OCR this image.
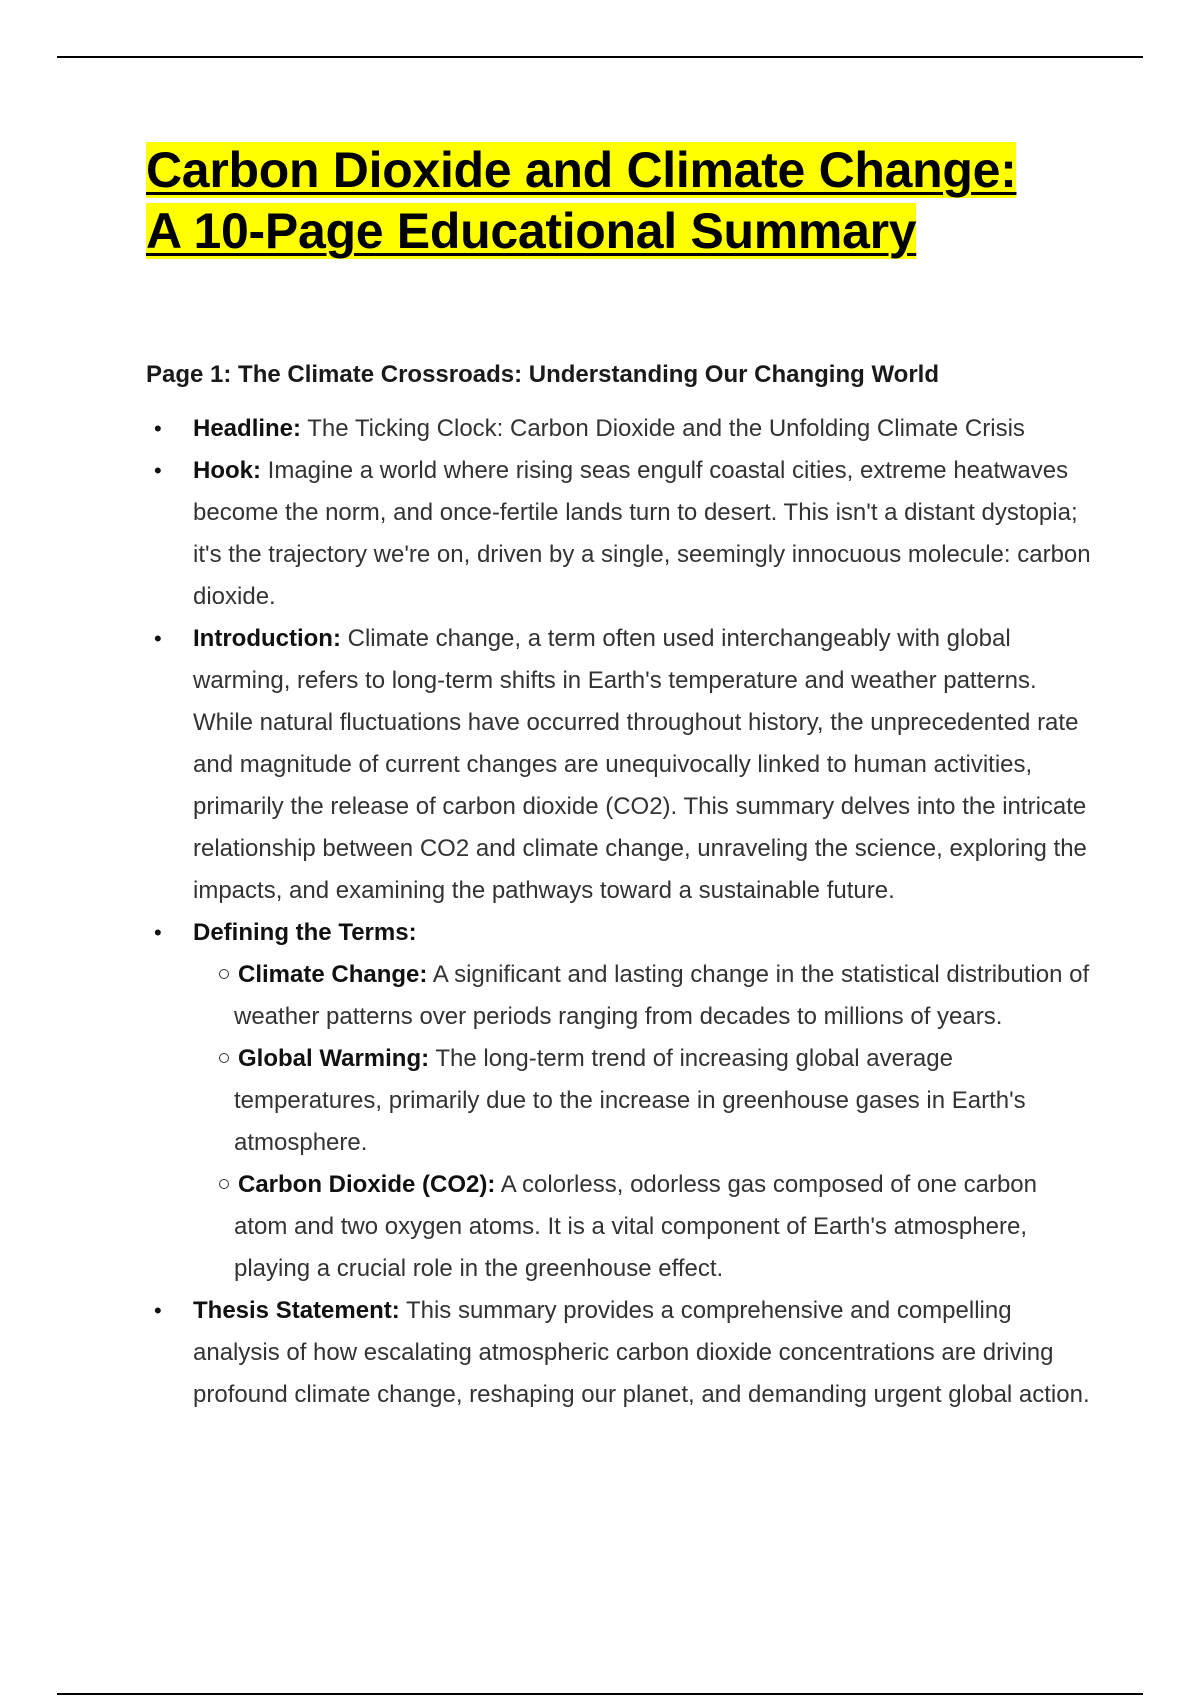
Carbon Dioxide and Climate Change:
A 10-Page Educational Summary
Page 1: The Climate Crossroads: Understanding Our Changing World
• Headline: The Ticking Clock: Carbon Dioxide and the Unfolding Climate Crisis
• Hook: Imagine a world where rising seas engulf coastal cities, extreme heatwaves become the norm, and once-fertile lands turn to desert. This isn't a distant dystopia; it's the trajectory we're on, driven by a single, seemingly innocuous molecule: carbon dioxide.
• Introduction: Climate change, a term often used interchangeably with global warming, refers to long-term shifts in Earth's temperature and weather patterns. While natural fluctuations have occurred throughout history, the unprecedented rate and magnitude of current changes are unequivocally linked to human activities, primarily the release of carbon dioxide (CO2). This summary delves into the intricate relationship between CO2 and climate change, unraveling the science, exploring the impacts, and examining the pathways toward a sustainable future.
• Defining the Terms:
Climate Change: A significant and lasting change in the statistical distribution of weather patterns over periods ranging from decades to millions of years.
Global Warming: The long-term trend of increasing global average temperatures, primarily due to the increase in greenhouse gases in Earth's atmosphere.
Carbon Dioxide (CO2): A colorless, odorless gas composed of one carbon atom and two oxygen atoms. It is a vital component of Earth's atmosphere, playing a crucial role in the greenhouse effect.
• Thesis Statement: This summary provides a comprehensive and compelling analysis of how escalating atmospheric carbon dioxide concentrations are driving profound climate change, reshaping our planet, and demanding urgent global action.
